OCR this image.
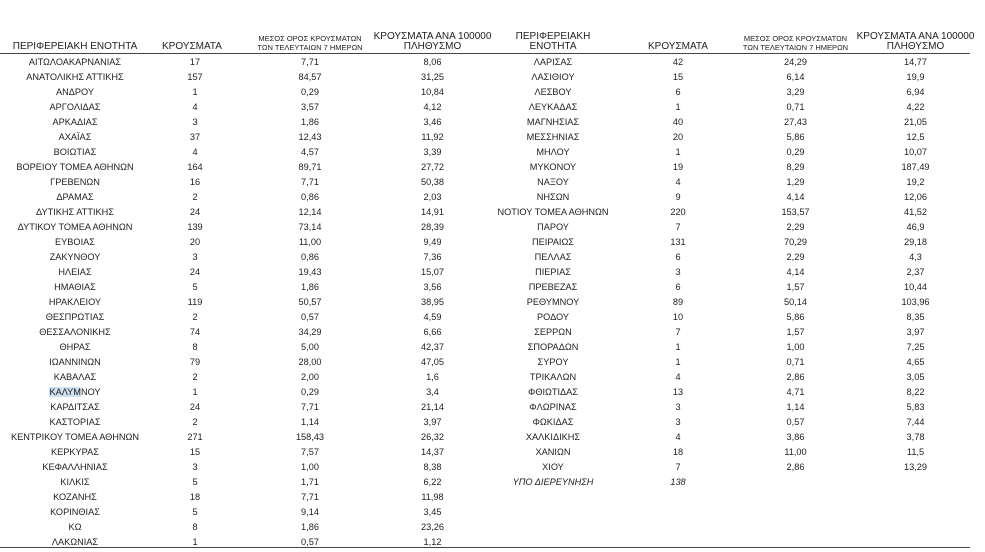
ΠΕΡΙΦΕΡΕΙΑΚΗ ΕΝΟΤΗΤΑ ΚΡΟΥΣΜΑΤΑ
ΜΕΣΟΣ ΟΡΟΣ ΚΡΟΥΣΜΑΤΩΝ
ΤΩΝ ΤΕΛΕΥΤΑΙΩΝ 7 ΗΜΕΡΩΝ
ΚΡΟΥΣΜΑΤΑ ΑΝΑ 100000
ΠΛΗΘΥΣΜΟ
ΑΙΤΩΛΟΑΚΑΡΝΑΝΙΑΣ	17	7,71	8,06
ΑΝΑΤΟΛΙΚΗΣ ΑΤΤΙΚΗΣ	157	84,57	31,25
ΑΝΔΡΟΥ	1	0,29	10,84
ΑΡΓΟΛΙΔΑΣ	4	3,57	4,12
ΑΡΚΑΔΙΑΣ	3	1,86	3,46
ΑΧΑΪΑΣ	37	12,43	11,92
ΒΟΙΩΤΙΑΣ	4	4,57	3,39
ΒΟΡΕΙΟΥ ΤΟΜΕΑ ΑΘΗΝΩΝ	164	89,71	27,72
ΓΡΕΒΕΝΩΝ	16	7,71	50,38
ΔΡΑΜΑΣ	2	0,86	2,03
ΔΥΤΙΚΗΣ ΑΤΤΙΚΗΣ	24	12,14	14,91
ΔΥΤΙΚΟΥ ΤΟΜΕΑ ΑΘΗΝΩΝ	139	73,14	28,39
ΕΥΒΟΙΑΣ	20	11,00	9,49
ΖΑΚΥΝΘΟΥ	3	0,86	7,36
ΗΛΕΙΑΣ	24	19,43	15,07
ΗΜΑΘΙΑΣ	5	1,86	3,56
ΗΡΑΚΛΕΙΟΥ	119	50,57	38,95
ΘΕΣΠΡΩΤΙΑΣ	2	0,57	4,59
ΘΕΣΣΑΛΟΝΙΚΗΣ	74	34,29	6,66
ΘΗΡΑΣ	8	5,00	42,37
ΙΩΑΝΝΙΝΩΝ	79	28,00	47,05
ΚΑΒΑΛΑΣ	2	2,00	1,6
ΚΑΛΥΜΝΟΥ	1	0,29	3,4
ΚΑΡΔΙΤΣΑΣ	24	7,71	21,14
ΚΑΣΤΟΡΙΑΣ	2	1,14	3,97
ΚΕΝΤΡΙΚΟΥ ΤΟΜΕΑ ΑΘΗΝΩΝ	271	158,43	26,32
ΚΕΡΚΥΡΑΣ	15	7,57	14,37
ΚΕΦΑΛΛΗΝΙΑΣ	3	1,00	8,38
ΚΙΛΚΙΣ	5	1,71	6,22
ΚΟΖΑΝΗΣ	18	7,71	11,98
ΚΟΡΙΝΘΙΑΣ	5	9,14	3,45
ΚΩ	8	1,86	23,26
ΛΑΚΩΝΙΑΣ	1	0,57	1,12
ΠΕΡΙΦΕΡΕΙΑΚΗ ΕΝΟΤΗΤΑ	ΚΡΟΥΣΜΑΤΑ
ΜΕΣΟΣ ΟΡΟΣ ΚΡΟΥΣΜΑΤΩΝ
ΤΩΝ ΤΕΛΕΥΤΑΙΩΝ 7 ΗΜΕΡΩΝ
ΚΡΟΥΣΜΑΤΑ ΑΝΑ 100000
ΠΛΗΘΥΣΜΟ
ΛΑΡΙΣΑΣ	42	24,29	14,77
ΛΑΣΙΘΙΟΥ	15	6,14	19,9
ΛΕΣΒΟΥ	6	3,29	6,94
ΛΕΥΚΑΔΑΣ	1	0,71	4,22
ΜΑΓΝΗΣΙΑΣ	40	27,43	21,05
ΜΕΣΣΗΝΙΑΣ	20	5,86	12,5
ΜΗΛΟΥ	1	0,29	10,07
ΜΥΚΟΝΟΥ	19	8,29	187,49
ΝΑΞΟΥ	4	1,29	19,2
ΝΗΣΩΝ	9	4,14	12,06
ΝΟΤΙΟΥ ΤΟΜΕΑ ΑΘΗΝΩΝ	220	153,57	41,52
ΠΑΡΟΥ	7	2,29	46,9
ΠΕΙΡΑΙΩΣ	131	70,29	29,18
ΠΕΛΛΑΣ	6	2,29	4,3
ΠΙΕΡΙΑΣ	3	4,14	2,37
ΠΡΕΒΕΖΑΣ	6	1,57	10,44
ΡΕΘΥΜΝΟΥ	89	50,14	103,96
ΡΟΔΟΥ	10	5,86	8,35
ΣΕΡΡΩΝ	7	1,57	3,97
ΣΠΟΡΑΔΩΝ	1	1,00	7,25
ΣΥΡΟΥ	1	0,71	4,65
ΤΡΙΚΑΛΩΝ	4	2,86	3,05
ΦΘΙΩΤΙΔΑΣ	13	4,71	8,22
ΦΛΩΡΙΝΑΣ	3	1,14	5,83
ΦΩΚΙΔΑΣ	3	0,57	7,44
ΧΑΛΚΙΔΙΚΗΣ	4	3,86	3,78
ΧΑΝΙΩΝ	18	11,00	11,5
ΧΙΟΥ	7	2,86	13,29
ΥΠΟ ΔΙΕΡΕΥΝΗΣΗ	138
